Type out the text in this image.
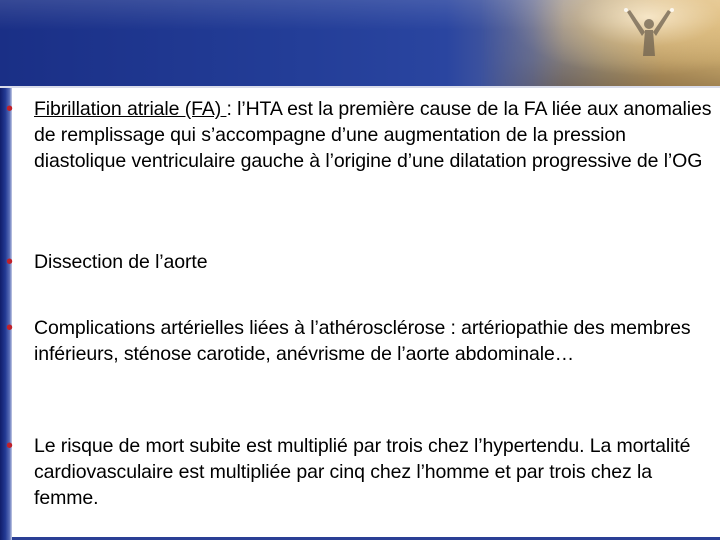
•	Fibrillation atriale (FA) : l’HTA est la première cause de la FA liée aux anomalies de remplissage qui s’accompagne d’une augmentation de la pression diastolique ventriculaire gauche à l’origine d’une dilatation progressive de l’OG
•	Dissection de l’aorte
•	Complications artérielles liées à l’athérosclérose : artériopathie des membres inférieurs, sténose carotide, anévrisme de l’aorte abdominale…
•	Le risque de mort subite est multiplié par trois chez l’hypertendu. La mortalité cardiovasculaire est multipliée par cinq chez l’homme et par trois chez la femme.
